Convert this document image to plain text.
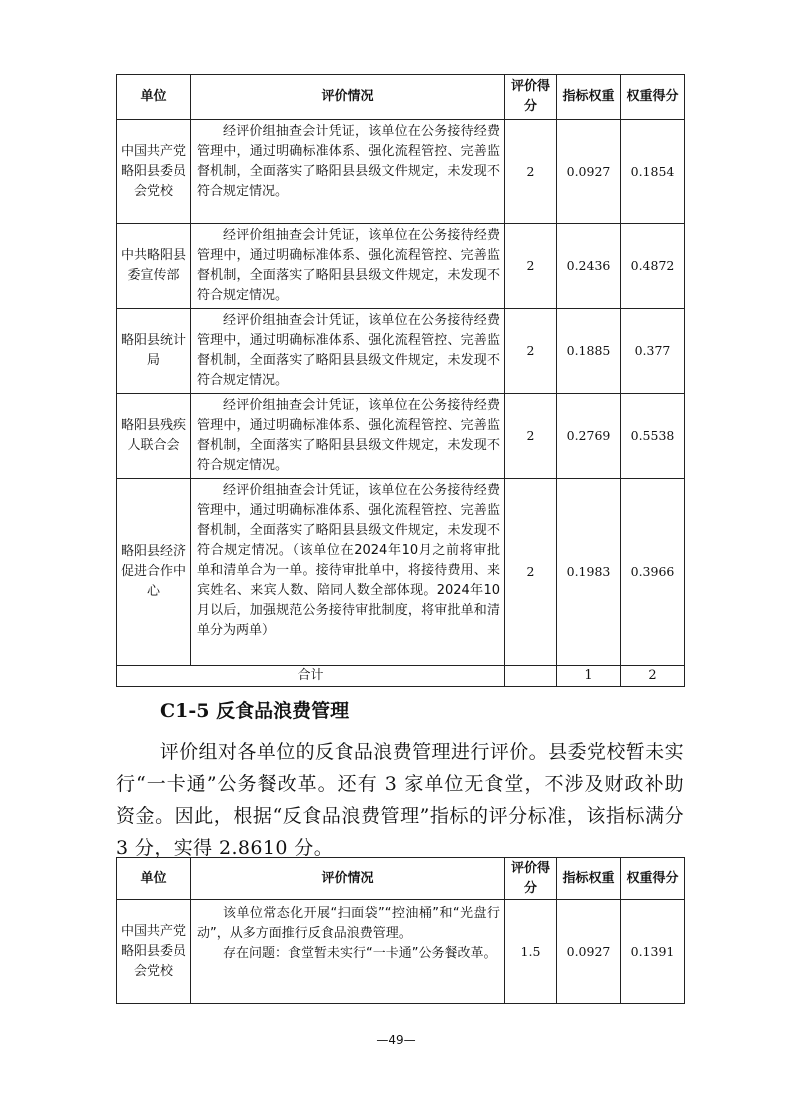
单位	评价情况	评价得分	指标权重	权重得分
中国共产党略阳县委员会党校	经评价组抽查会计凭证，该单位在公务接待经费管理中，通过明确标准体系、强化流程管控、完善监督机制，全面落实了略阳县县级文件规定，未发现不符合规定情况。	2	0.0927	0.1854
中共略阳县委宣传部	经评价组抽查会计凭证，该单位在公务接待经费管理中，通过明确标准体系、强化流程管控、完善监督机制，全面落实了略阳县县级文件规定，未发现不符合规定情况。	2	0.2436	0.4872
略阳县统计局	经评价组抽查会计凭证，该单位在公务接待经费管理中，通过明确标准体系、强化流程管控、完善监督机制，全面落实了略阳县县级文件规定，未发现不符合规定情况。	2	0.1885	0.377
略阳县残疾人联合会	经评价组抽查会计凭证，该单位在公务接待经费管理中，通过明确标准体系、强化流程管控、完善监督机制，全面落实了略阳县县级文件规定，未发现不符合规定情况。	2	0.2769	0.5538
略阳县经济促进合作中心	经评价组抽查会计凭证，该单位在公务接待经费管理中，通过明确标准体系、强化流程管控、完善监督机制，全面落实了略阳县县级文件规定，未发现不符合规定情况。（该单位在2024年10月之前将审批单和清单合为一单。接待审批单中，将接待费用、来宾姓名、来宾人数、陪同人数全部体现。2024年10月以后，加强规范公务接待审批制度，将审批单和清单分为两单）	2	0.1983	0.3966
合计			1	2
C1-5 反食品浪费管理

评价组对各单位的反食品浪费管理进行评价。县委党校暂未实行“一卡通”公务餐改革。还有 3 家单位无食堂，不涉及财政补助资金。因此，根据“反食品浪费管理”指标的评分标准，该指标满分 3 分，实得 2.8610 分。

单位	评价情况	评价得分	指标权重	权重得分
中国共产党略阳县委员会党校	该单位常态化开展“扫面袋”“控油桶”和“光盘行动”，从多方面推行反食品浪费管理。

存在问题：食堂暂未实行“一卡通”公务餐改革。	1.5	0.0927	0.1391
—49—
